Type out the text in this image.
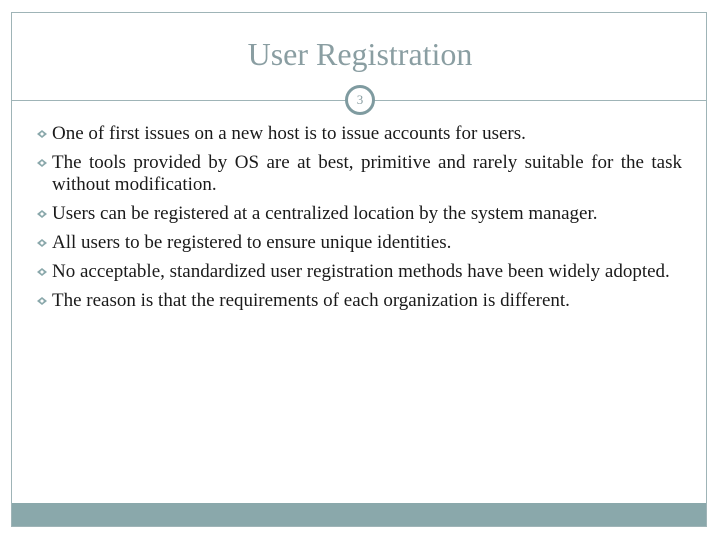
User Registration
3
One of first issues on a new host is to issue accounts for users.
The tools provided by OS are at best, primitive and rarely suitable for the task without modification.
Users can be registered at a centralized location by the system manager.
All users to be registered to ensure unique identities.
No acceptable, standardized user registration methods have been widely adopted.
The reason is that the requirements of each organization is different.
